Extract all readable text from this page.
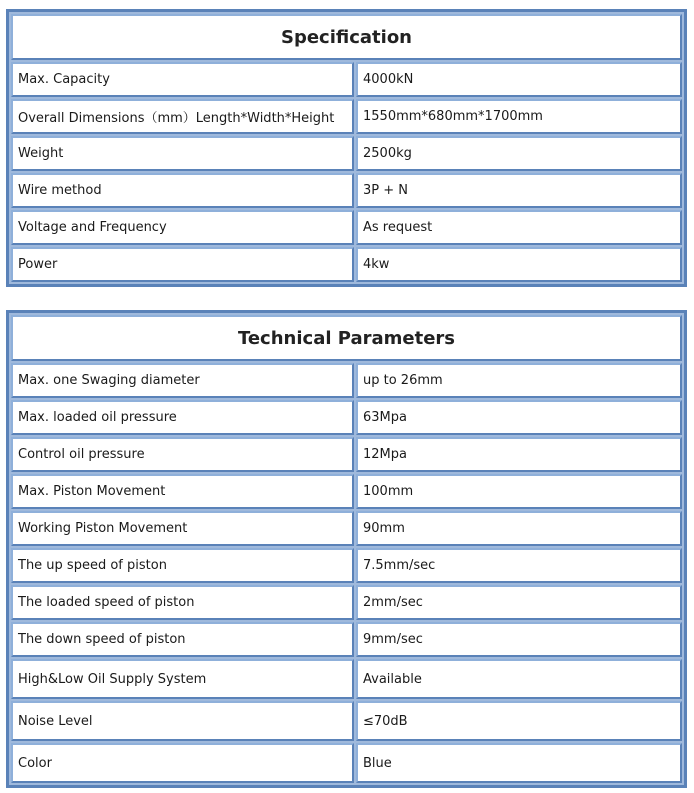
Specification	
Max. Capacity	4000kN
Overall Dimensions（mm）Length*Width*Height	1550mm*680mm*1700mm
Weight	2500kg
Wire method	3P + N
Voltage and Frequency	As request
Power	4kw
Technical Parameters	
Max. one Swaging diameter	up to 26mm
Max. loaded oil pressure	63Mpa
Control oil pressure	12Mpa
Max. Piston Movement	100mm
Working Piston Movement	90mm
The up speed of piston	7.5mm/sec
The loaded speed of piston	2mm/sec
The down speed of piston	9mm/sec
High&Low Oil Supply System	Available
Noise Level	≤70dB
Color	Blue
